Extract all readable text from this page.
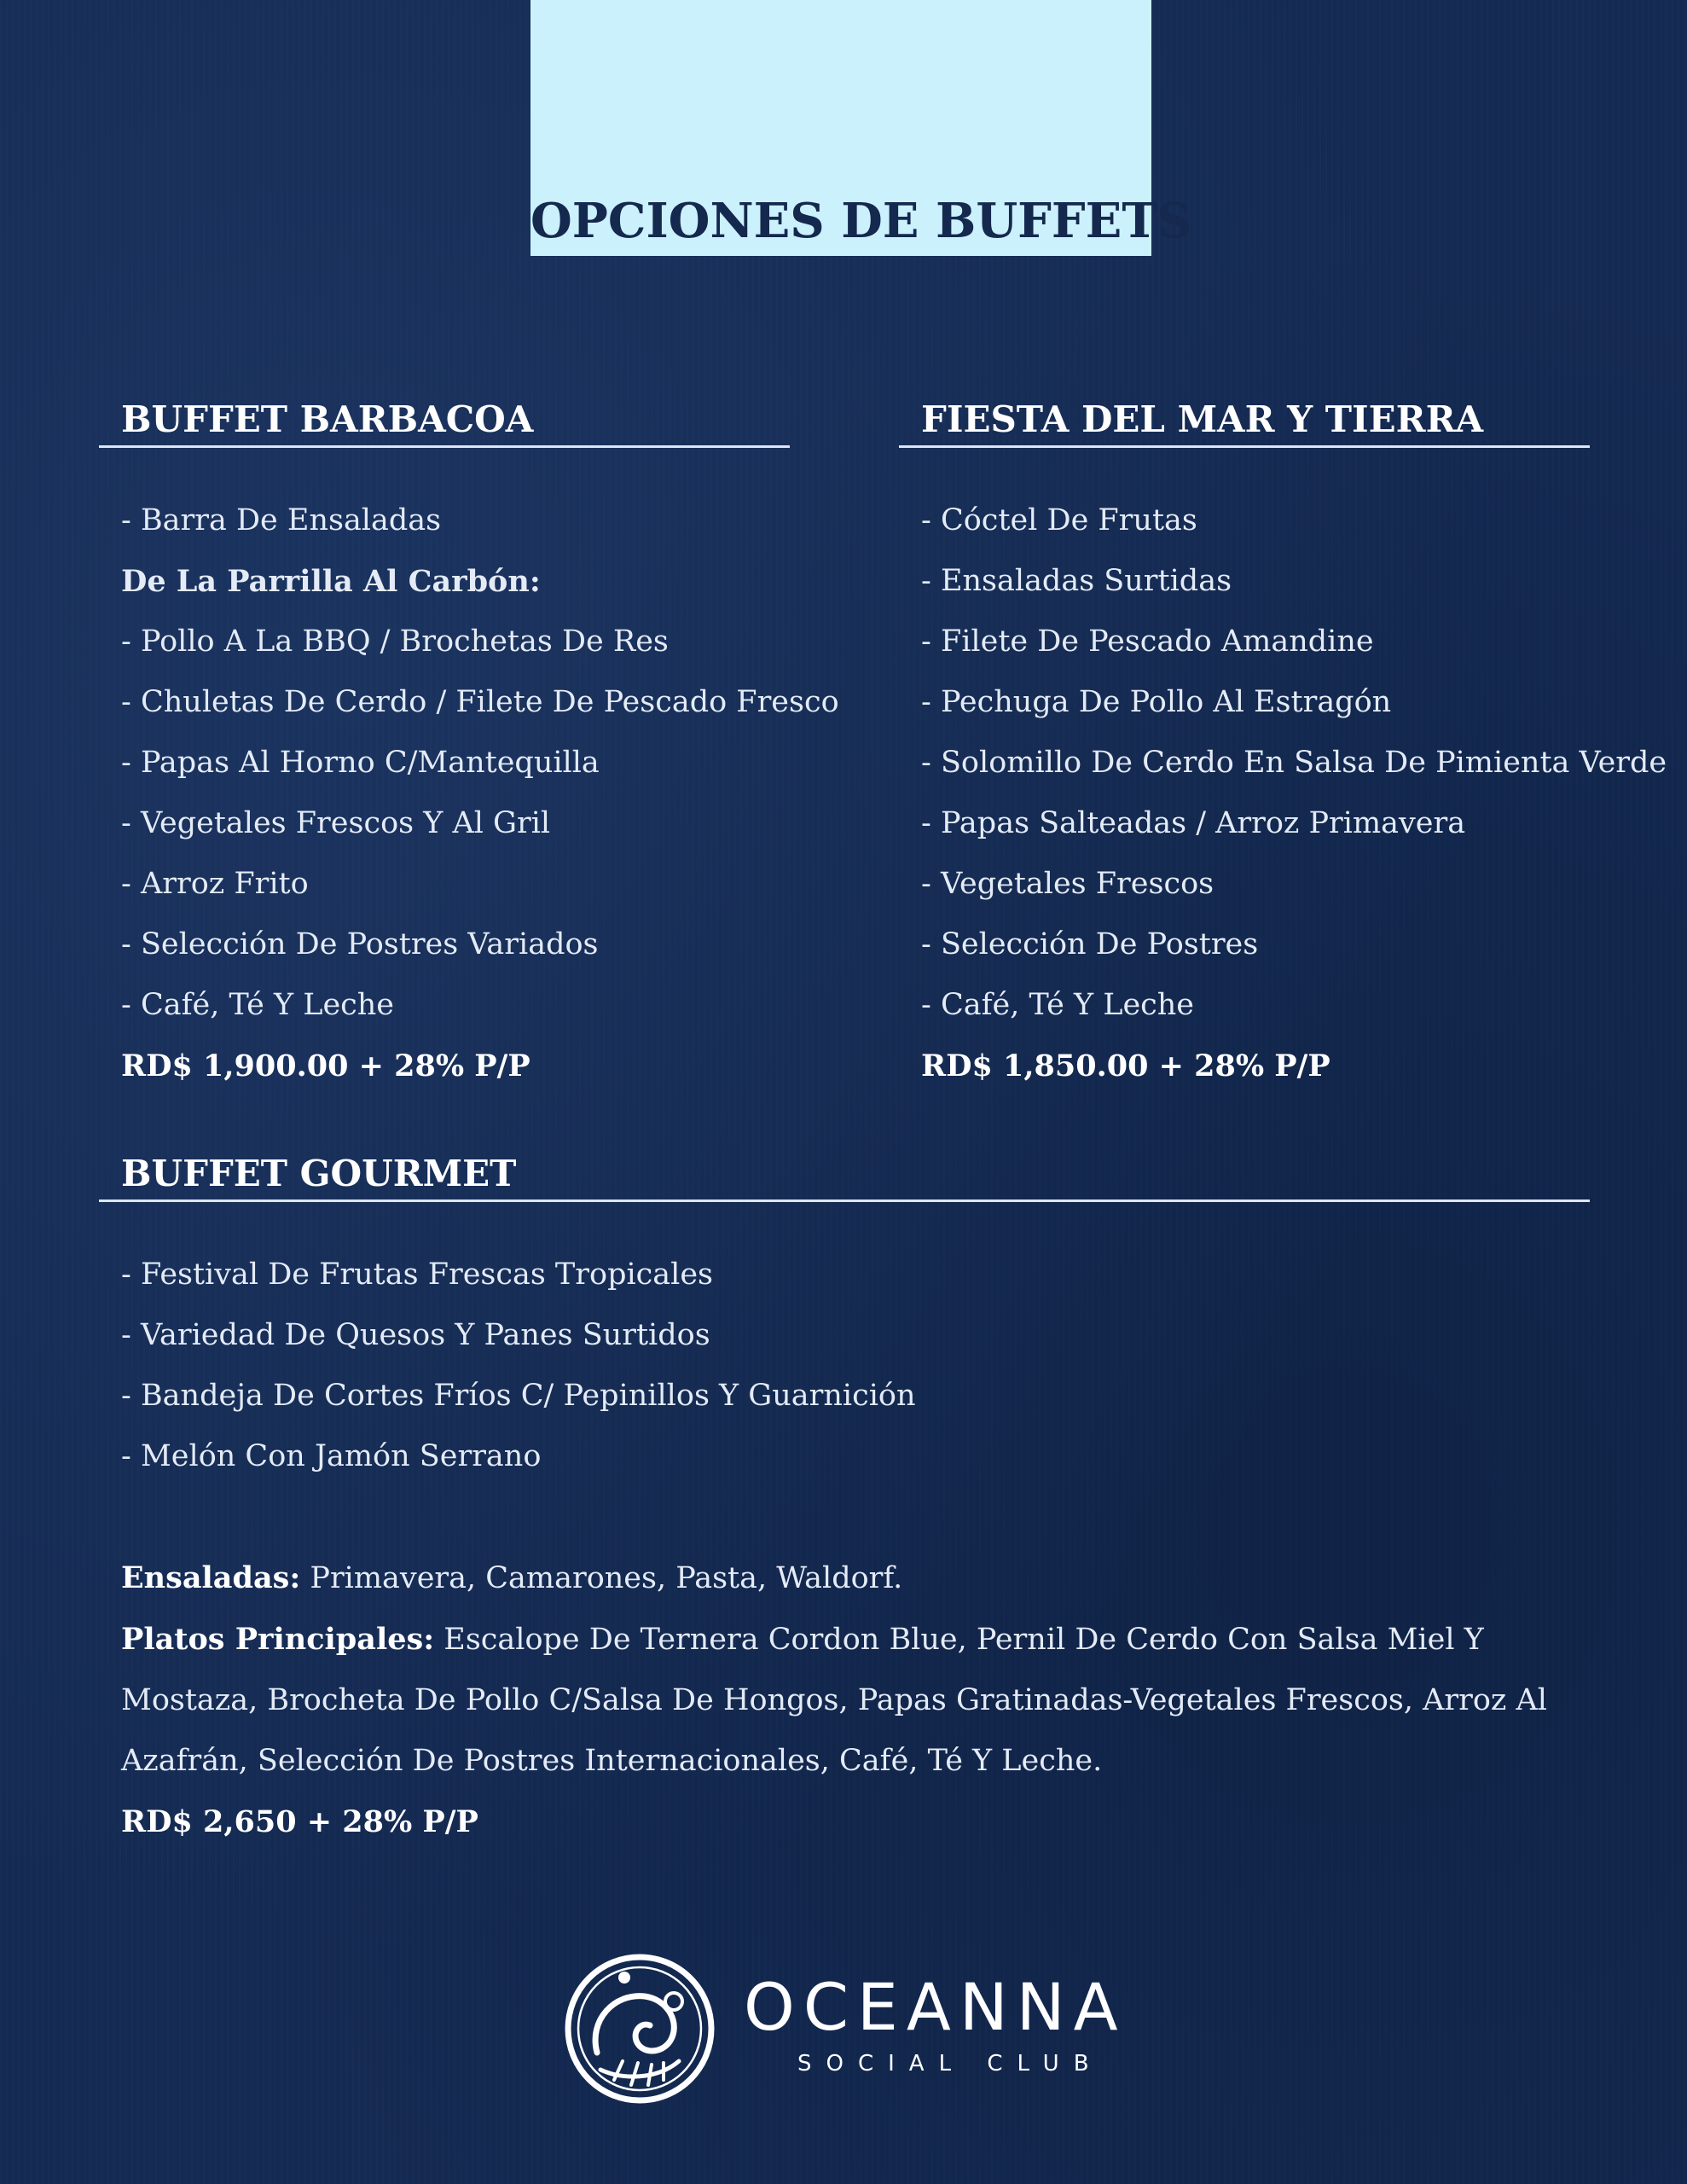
OPCIONES DE BUFFETS
BUFFET BARBACOA
- Barra De Ensaladas
De La Parrilla Al Carbón:
- Pollo A La BBQ / Brochetas De Res
- Chuletas De Cerdo / Filete De Pescado Fresco
- Papas Al Horno C/Mantequilla
- Vegetales Frescos Y Al Gril
- Arroz Frito
- Selección De Postres Variados
- Café, Té Y Leche
RD$ 1,900.00 + 28% P/P
FIESTA DEL MAR Y TIERRA
- Cóctel De Frutas
- Ensaladas Surtidas
- Filete De Pescado Amandine
- Pechuga De Pollo Al Estragón
- Solomillo De Cerdo En Salsa De Pimienta Verde
- Papas Salteadas / Arroz Primavera
- Vegetales Frescos
- Selección De Postres
- Café, Té Y Leche
RD$ 1,850.00 + 28% P/P
BUFFET GOURMET
- Festival De Frutas Frescas Tropicales
- Variedad De Quesos Y Panes Surtidos
- Bandeja De Cortes Fríos C/ Pepinillos Y Guarnición
- Melón Con Jamón Serrano
Ensaladas: Primavera, Camarones, Pasta, Waldorf.
Platos Principales: Escalope De Ternera Cordon Blue, Pernil De Cerdo Con Salsa Miel Y Mostaza, Brocheta De Pollo C/Salsa De Hongos, Papas Gratinadas-Vegetales Frescos, Arroz Al Azafrán, Selección De Postres Internacionales, Café, Té Y Leche.
RD$ 2,650 + 28% P/P
OCEANNA
SOCIAL CLUB
